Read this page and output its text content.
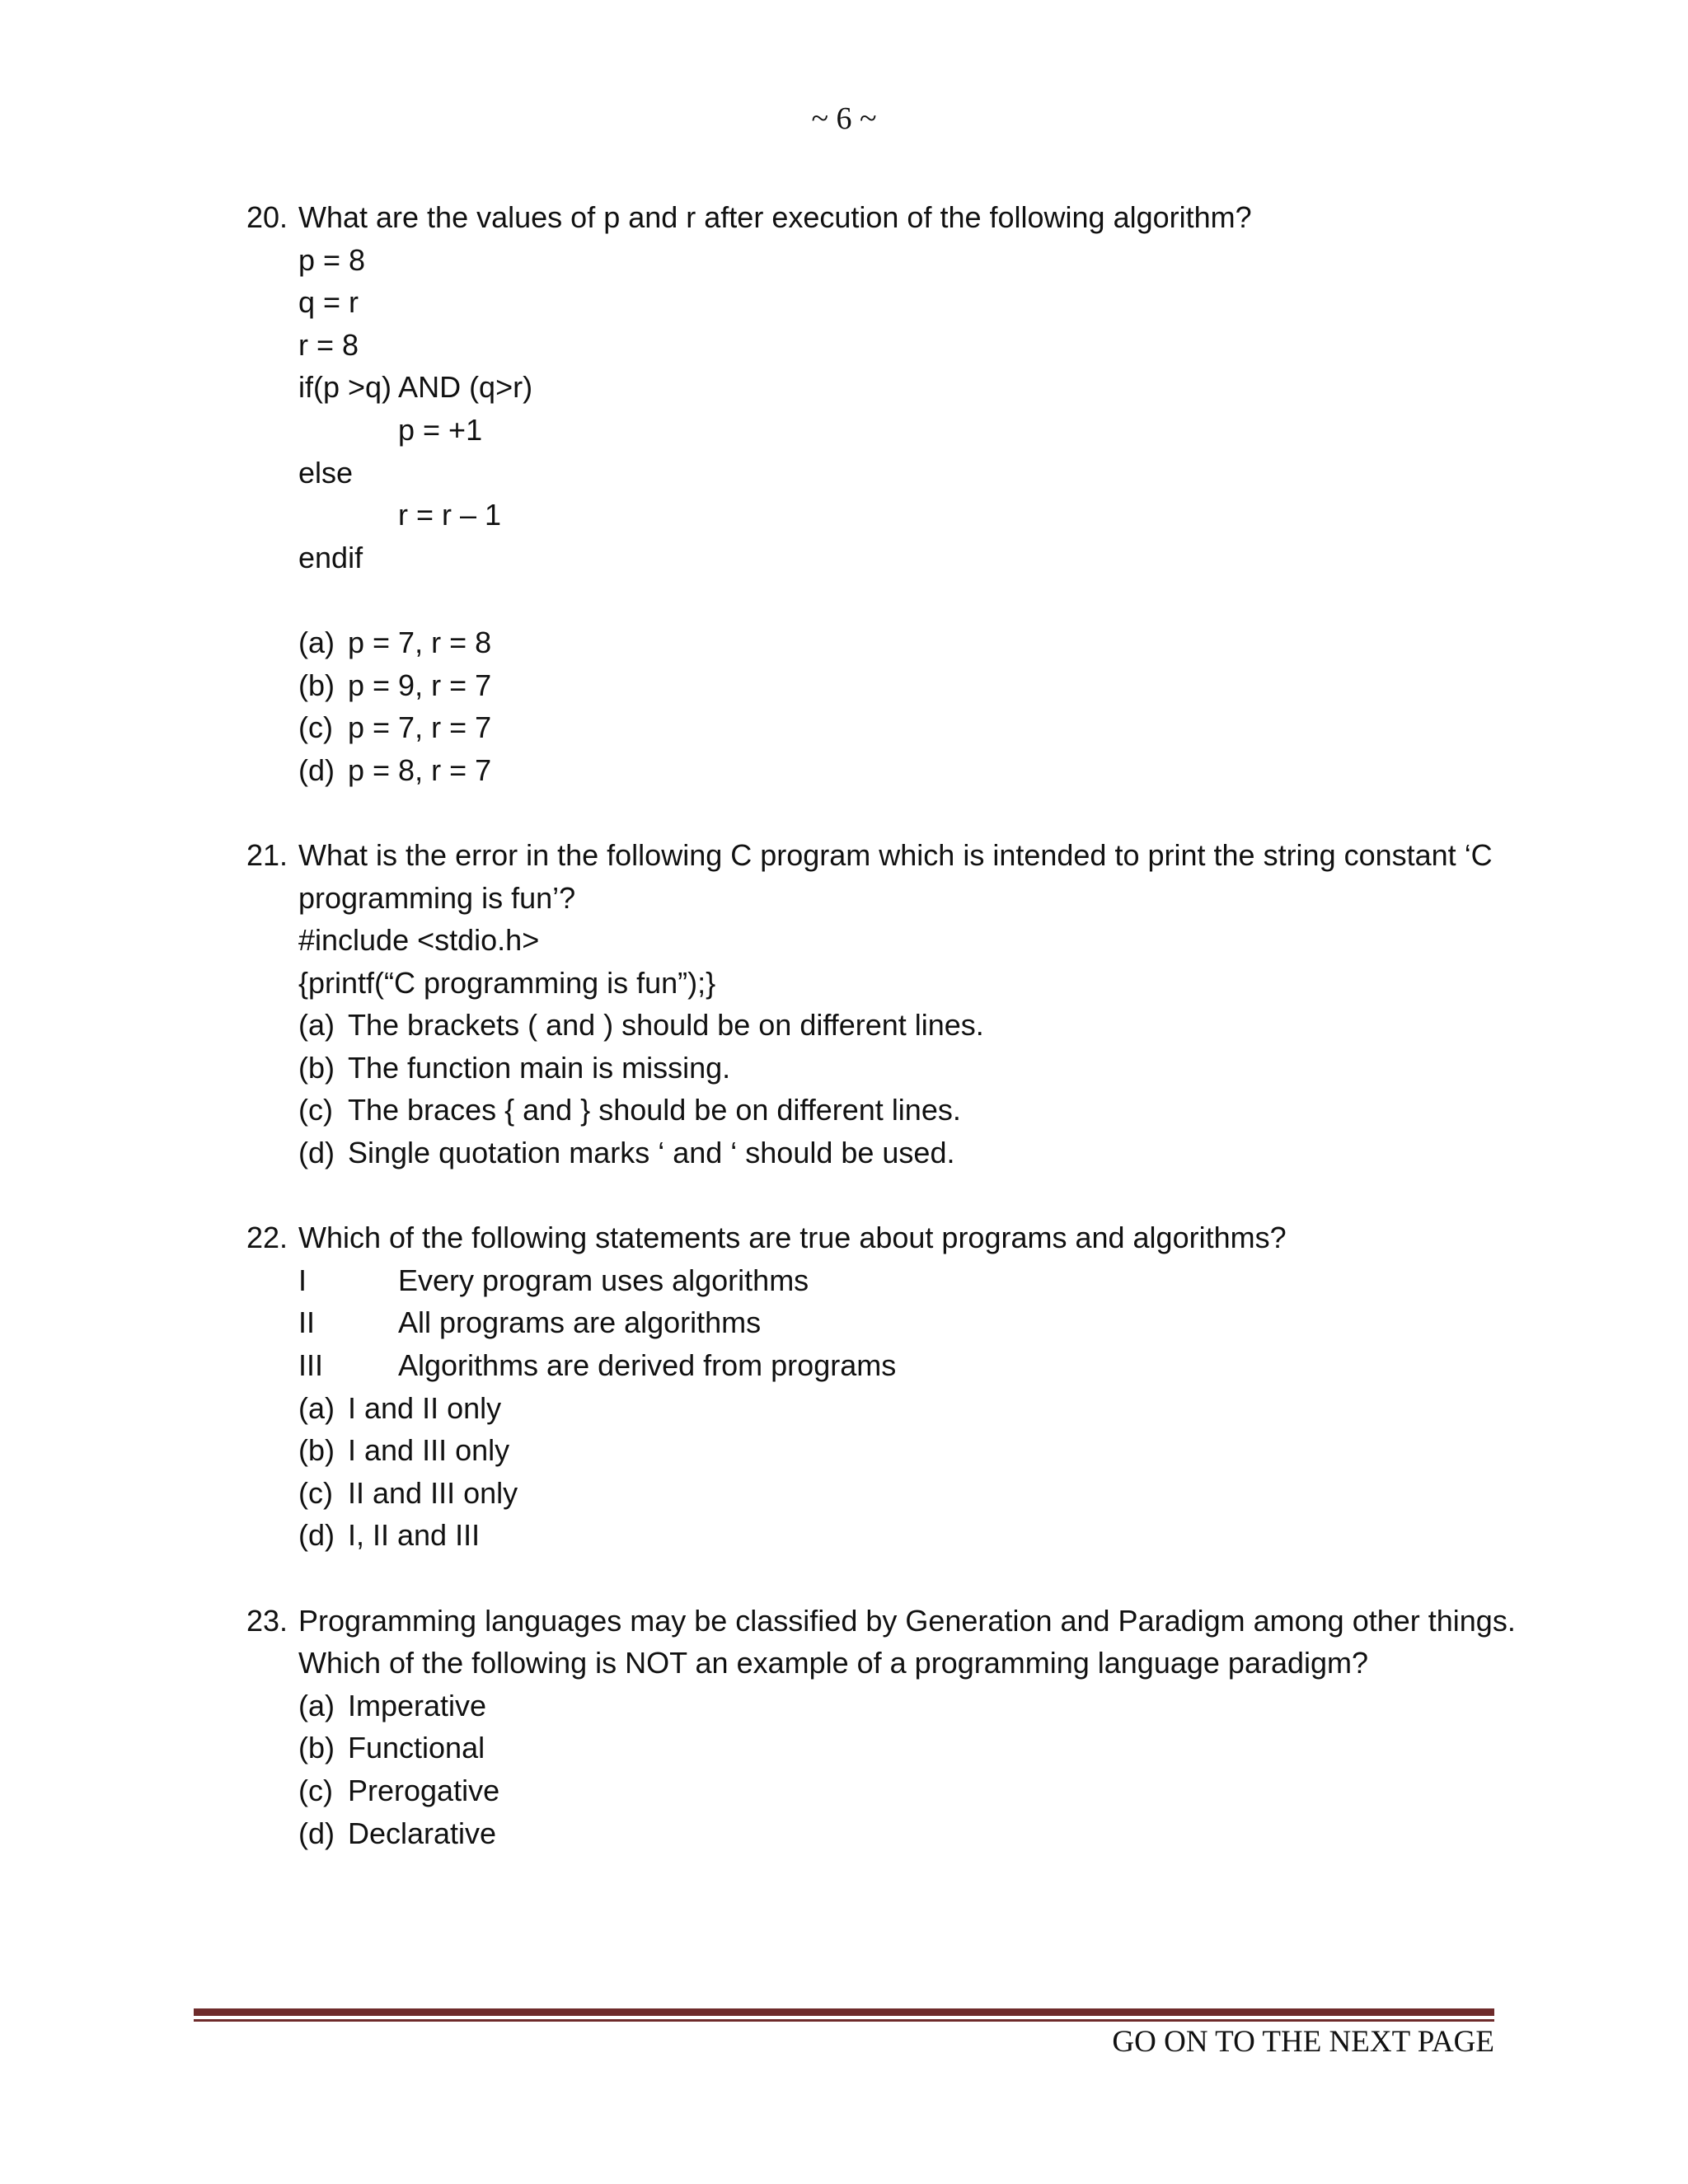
~ 6 ~
20. What are the values of p and r after execution of the following algorithm?
p = 8
q = r
r = 8
if(p >q) AND (q>r)
p = +1
else
r = r – 1
endif
(a) p = 7, r = 8
(b) p = 9, r = 7
(c) p = 7, r = 7
(d) p = 8, r = 7
21. What is the error in the following C program which is intended to print the string constant ‘C
programming is fun’?
#include <stdio.h>
{printf(“C programming is fun”);}
(a) The brackets ( and ) should be on different lines.
(b) The function main is missing.
(c) The braces { and } should be on different lines.
(d) Single quotation marks ‘ and ‘ should be used.
22. Which of the following statements are true about programs and algorithms?
I	Every program uses algorithms
II	All programs are algorithms
III	Algorithms are derived from programs
(a) I and II only
(b) I and III only
(c) II and III only
(d) I, II and III
23. Programming languages may be classified by Generation and Paradigm among other things.
Which of the following is NOT an example of a programming language paradigm?
(a) Imperative
(b) Functional
(c) Prerogative
(d) Declarative
GO ON TO THE NEXT PAGE
